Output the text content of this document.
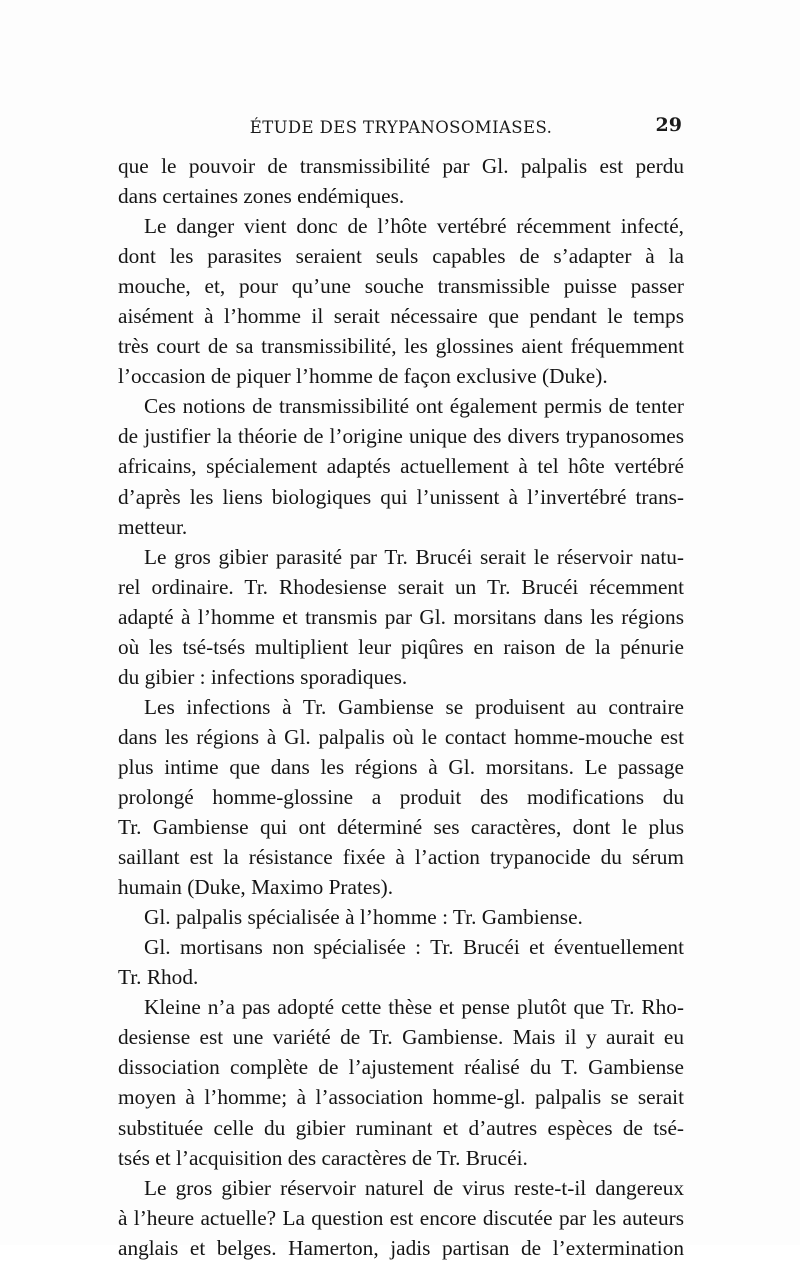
ÉTUDE DES TRYPANOSOMIASES.	29
que le pouvoir de transmissibilité par Gl. palpalis est perdu
dans certaines zones endémiques.
Le danger vient donc de l’hôte vertébré récemment infecté,
dont les parasites seraient seuls capables de s’adapter à la
mouche, et, pour qu’une souche transmissible puisse passer
aisément à l’homme il serait nécessaire que pendant le temps
très court de sa transmissibilité, les glossines aient fréquemment
l’occasion de piquer l’homme de façon exclusive (Duke).
Ces notions de transmissibilité ont également permis de tenter
de justifier la théorie de l’origine unique des divers trypanosomes
africains, spécialement adaptés actuellement à tel hôte vertébré
d’après les liens biologiques qui l’unissent à l’invertébré trans-
metteur.
Le gros gibier parasité par Tr. Brucéi serait le réservoir natu-
rel ordinaire. Tr. Rhodesiense serait un Tr. Brucéi récemment
adapté à l’homme et transmis par Gl. morsitans dans les régions
où les tsé-tsés multiplient leur piqûres en raison de la pénurie
du gibier : infections sporadiques.
Les infections à Tr. Gambiense se produisent au contraire
dans les régions à Gl. palpalis où le contact homme-mouche est
plus intime que dans les régions à Gl. morsitans. Le passage
prolongé homme-glossine a produit des modifications du
Tr. Gambiense qui ont déterminé ses caractères, dont le plus
saillant est la résistance fixée à l’action trypanocide du sérum
humain (Duke, Maximo Prates).
Gl. palpalis spécialisée à l’homme : Tr. Gambiense.
Gl. mortisans non spécialisée : Tr. Brucéi et éventuellement
Tr. Rhod.
Kleine n’a pas adopté cette thèse et pense plutôt que Tr. Rho-
desiense est une variété de Tr. Gambiense. Mais il y aurait eu
dissociation complète de l’ajustement réalisé du T. Gambiense
moyen à l’homme; à l’association homme-gl. palpalis se serait
substituée celle du gibier ruminant et d’autres espèces de tsé-
tsés et l’acquisition des caractères de Tr. Brucéi.
Le gros gibier réservoir naturel de virus reste-t-il dangereux
à l’heure actuelle? La question est encore discutée par les auteurs
anglais et belges. Hamerton, jadis partisan de l’extermination
